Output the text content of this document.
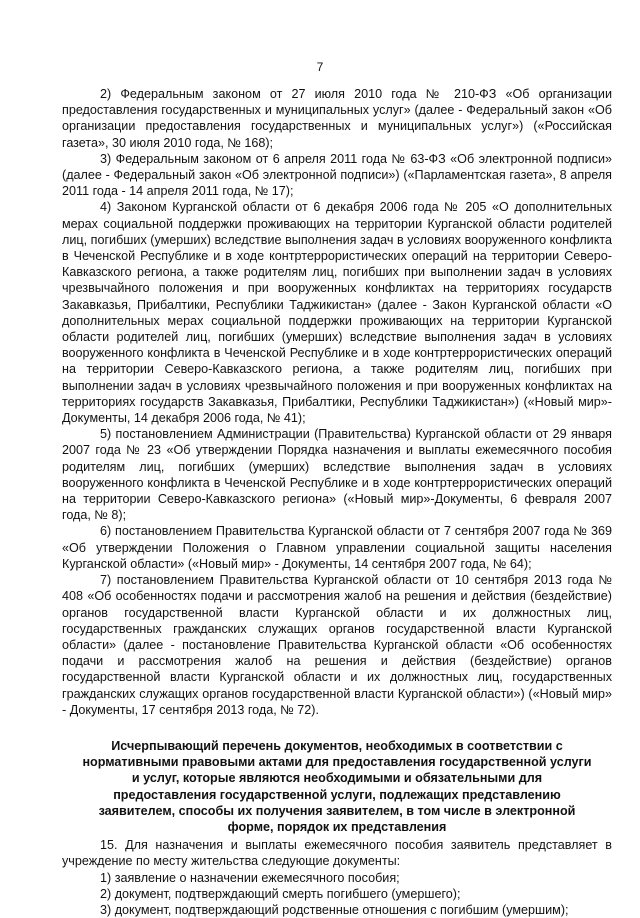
7

2) Федеральным законом от 27 июля 2010 года № 210-ФЗ «Об организации предоставления государственных и муниципальных услуг» (далее - Федеральный закон «Об организации предоставления государственных и муниципальных услуг») («Российская газета», 30 июля 2010 года, № 168);

3) Федеральным законом от 6 апреля 2011 года № 63-ФЗ «Об электронной подписи» (далее - Федеральный закон «Об электронной подписи») («Парламентская газета», 8 апреля 2011 года - 14 апреля 2011 года, № 17);

4) Законом Курганской области от 6 декабря 2006 года № 205 «О дополнительных мерах социальной поддержки проживающих на территории Курганской области родителей лиц, погибших (умерших) вследствие выполнения задач в условиях вооруженного конфликта в Чеченской Республике и в ходе контртеррористических операций на территории Северо-Кавказского региона, а также родителям лиц, погибших при выполнении задач в условиях чрезвычайного положения и при вооруженных конфликтах на территориях государств Закавказья, Прибалтики, Республики Таджикистан» (далее - Закон Курганской области «О дополнительных мерах социальной поддержки проживающих на территории Курганской области родителей лиц, погибших (умерших) вследствие выполнения задач в условиях вооруженного конфликта в Чеченской Республике и в ходе контртеррористических операций на территории Северо-Кавказского региона, а также родителям лиц, погибших при выполнении задач в условиях чрезвычайного положения и при вооруженных конфликтах на территориях государств Закавказья, Прибалтики, Республики Таджикистан») («Новый мир»-Документы, 14 декабря 2006 года, № 41);

5) постановлением Администрации (Правительства) Курганской области от 29 января 2007 года № 23 «Об утверждении Порядка назначения и выплаты ежемесячного пособия родителям лиц, погибших (умерших) вследствие выполнения задач в условиях вооруженного конфликта в Чеченской Республике и в ходе контртеррористических операций на территории Северо-Кавказского региона» («Новый мир»-Документы, 6 февраля 2007 года, № 8);

6) постановлением Правительства Курганской области от 7 сентября 2007 года № 369 «Об утверждении Положения о Главном управлении социальной защиты населения Курганской области» («Новый мир» - Документы, 14 сентября 2007 года, № 64);

7) постановлением Правительства Курганской области от 10 сентября 2013 года № 408 «Об особенностях подачи и рассмотрения жалоб на решения и действия (бездействие) органов государственной власти Курганской области и их должностных лиц, государственных гражданских служащих органов государственной власти Курганской области» (далее - постановление Правительства Курганской области «Об особенностях подачи и рассмотрения жалоб на решения и действия (бездействие) органов государственной власти Курганской области и их должностных лиц, государственных гражданских служащих органов государственной власти Курганской области») («Новый мир» - Документы, 17 сентября 2013 года, № 72).

Исчерпывающий перечень документов, необходимых в соответствии с нормативными правовыми актами для предоставления государственной услуги и услуг, которые являются необходимыми и обязательными для предоставления государственной услуги, подлежащих представлению заявителем, способы их получения заявителем, в том числе в электронной форме, порядок их представления

15. Для назначения и выплаты ежемесячного пособия заявитель представляет в учреждение по месту жительства следующие документы:

1) заявление о назначении ежемесячного пособия;

2) документ, подтверждающий смерть погибшего (умершего);

3) документ, подтверждающий родственные отношения с погибшим (умершим);
